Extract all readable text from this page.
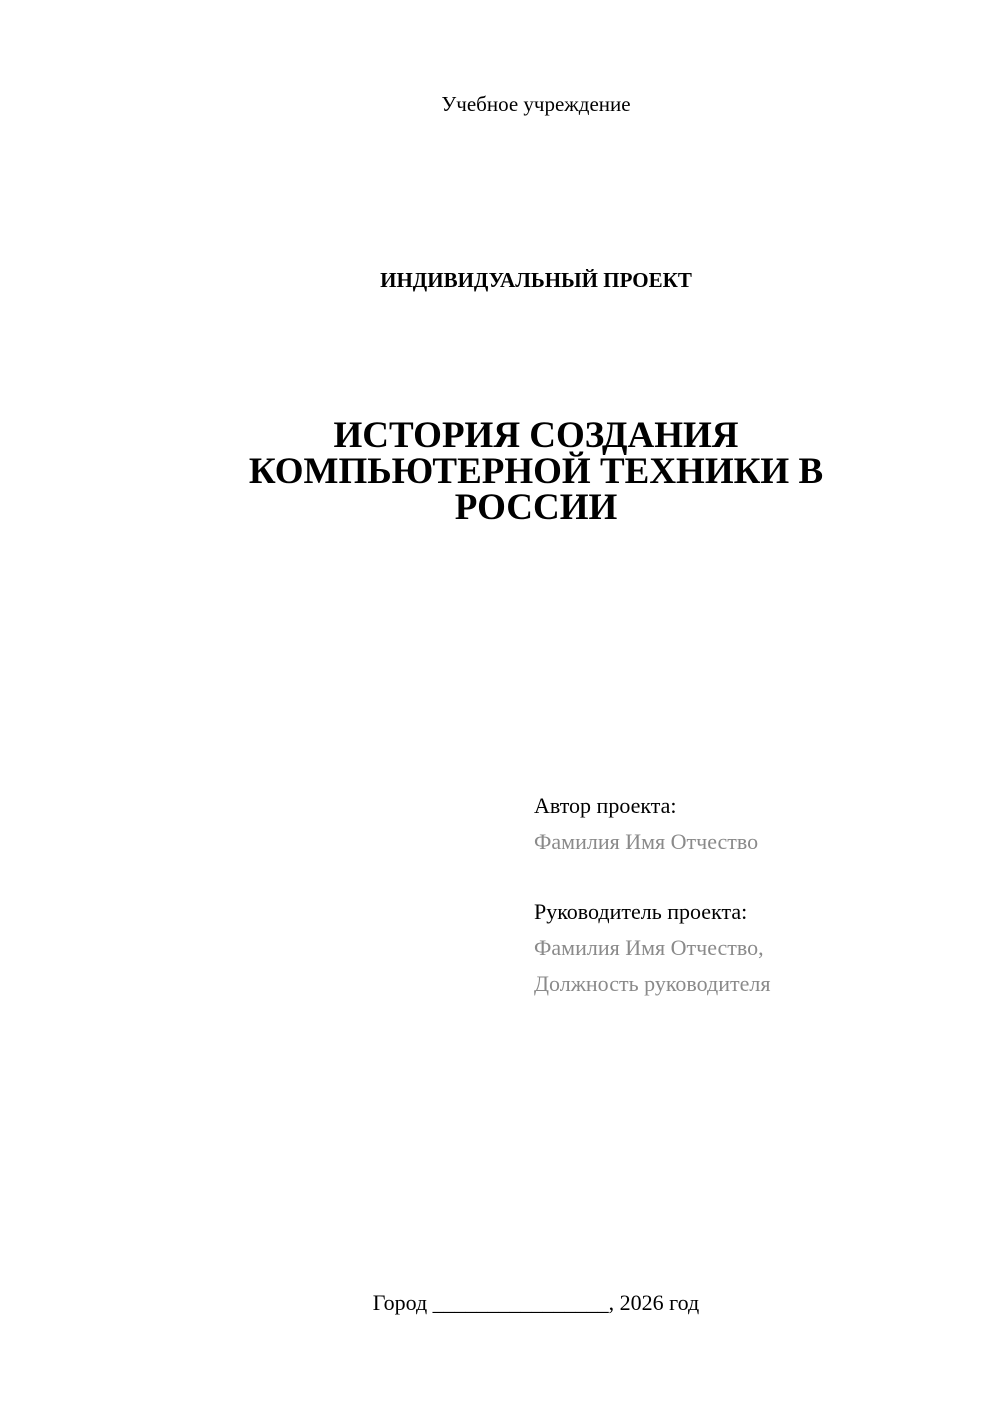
Учебное учреждение
ИНДИВИДУАЛЬНЫЙ ПРОЕКТ
ИСТОРИЯ СОЗДАНИЯ
КОМПЬЮТЕРНОЙ ТЕХНИКИ В
РОССИИ
Автор проекта:
Фамилия Имя Отчество
Руководитель проекта:
Фамилия Имя Отчество,
Должность руководителя
Город ________________, 2026 год
